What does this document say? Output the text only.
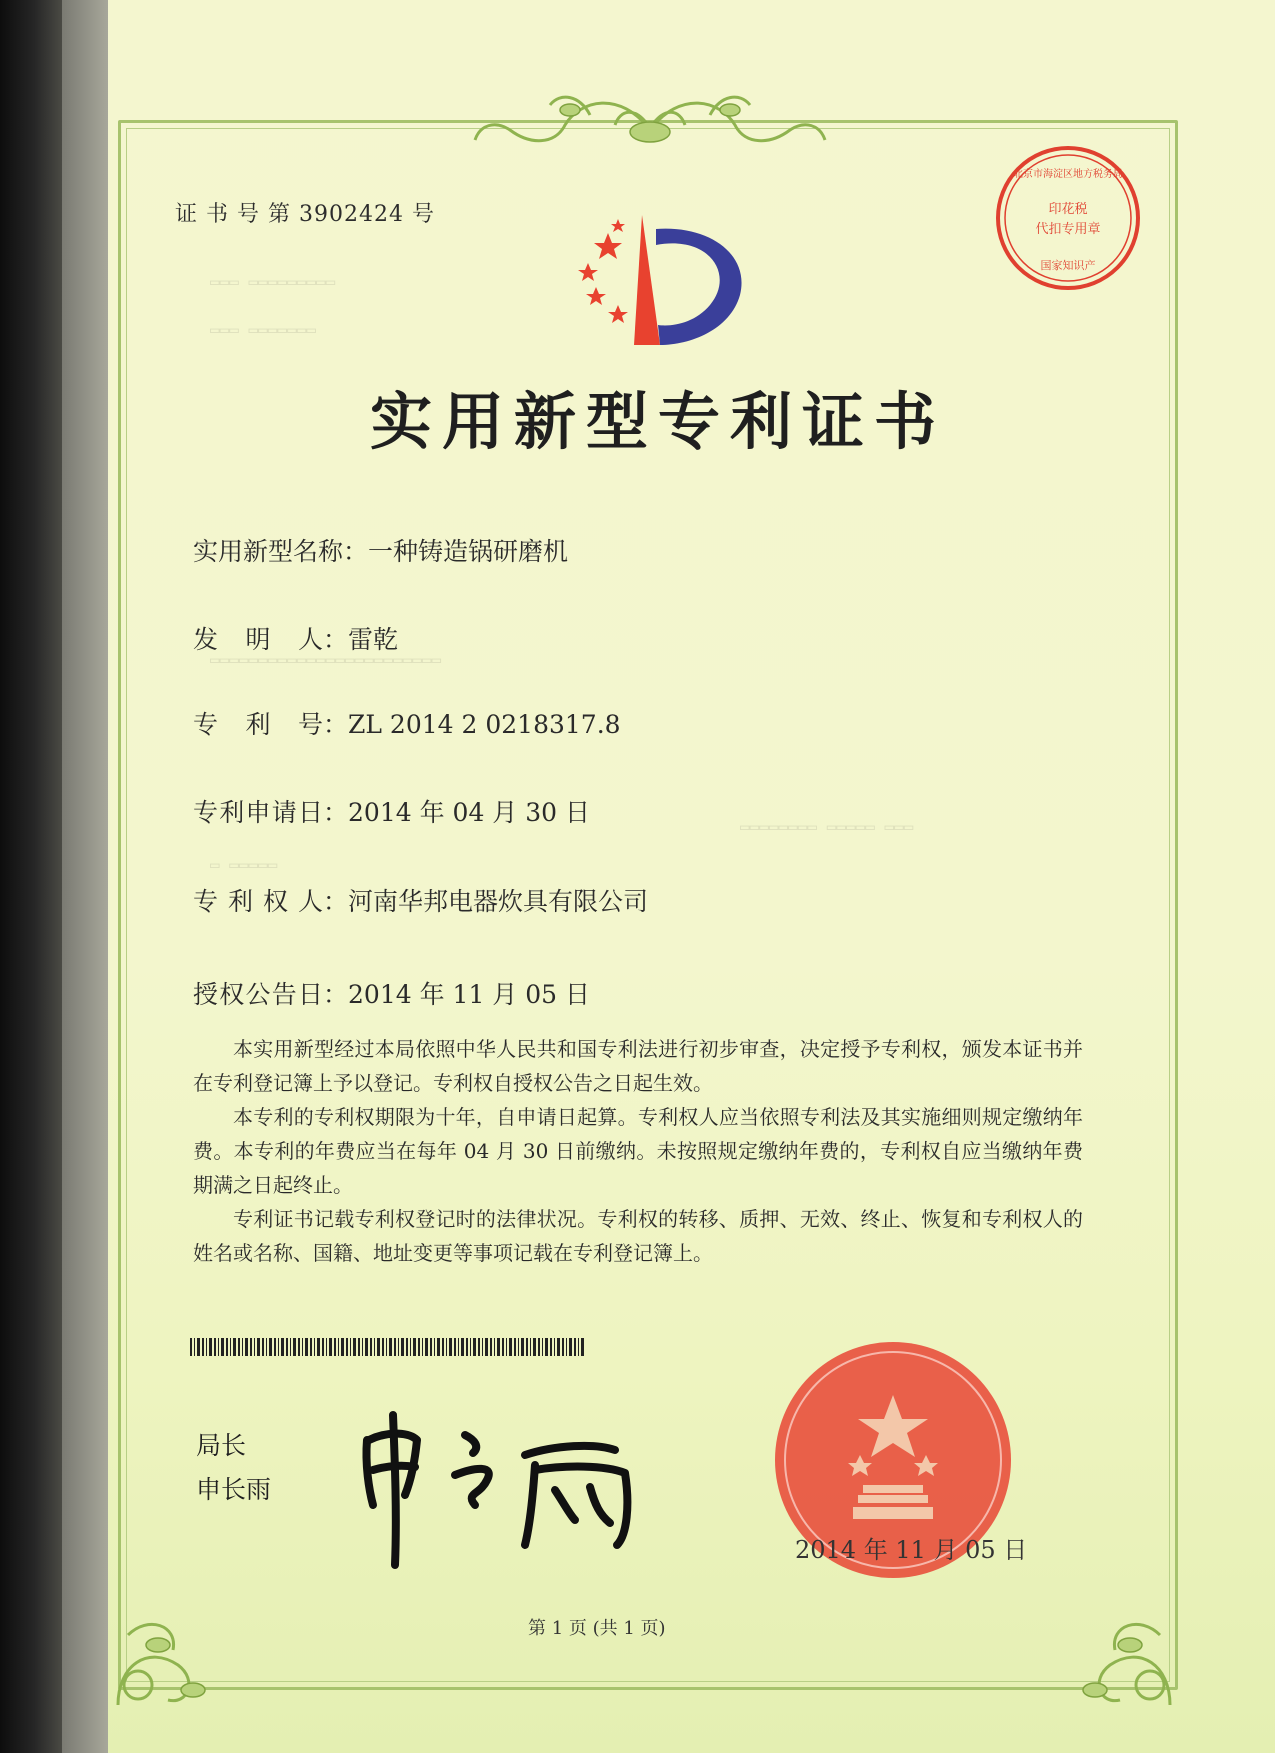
▭▭▭ ▭▭▭▭▭▭▭▭▭
▭▭▭ ▭▭▭▭▭▭▭
▭▭▭▭▭▭▭▭▭▭▭▭▭▭▭▭▭▭▭▭▭▭▭▭
▭▭▭▭▭▭▭▭ ▭▭▭▭▭ ▭▭▭
▭ ▭▭▭▭▭
证 书 号 第 3902424 号
实用新型专利证书
实用新型名称：一种铸造锅研磨机
发明人：雷乾
专利号：ZL 2014 2 0218317.8
专利申请日：2014 年 04 月 30 日
专利权人：河南华邦电器炊具有限公司
授权公告日：2014 年 11 月 05 日

本实用新型经过本局依照中华人民共和国专利法进行初步审查，决定授予专利权，颁发本证书并在专利登记簿上予以登记。专利权自授权公告之日起生效。

本专利的专利权期限为十年，自申请日起算。专利权人应当依照专利法及其实施细则规定缴纳年费。本专利的年费应当在每年 04 月 30 日前缴纳。未按照规定缴纳年费的，专利权自应当缴纳年费期满之日起终止。

专利证书记载专利权登记时的法律状况。专利权的转移、质押、无效、终止、恢复和专利权人的姓名或名称、国籍、地址变更等事项记载在专利登记簿上。

局长
申长雨
2014 年 11 月 05 日
印花税
代扣专用章
北京市海淀区地方税务局
国家知识产
第 1 页 (共 1 页)
